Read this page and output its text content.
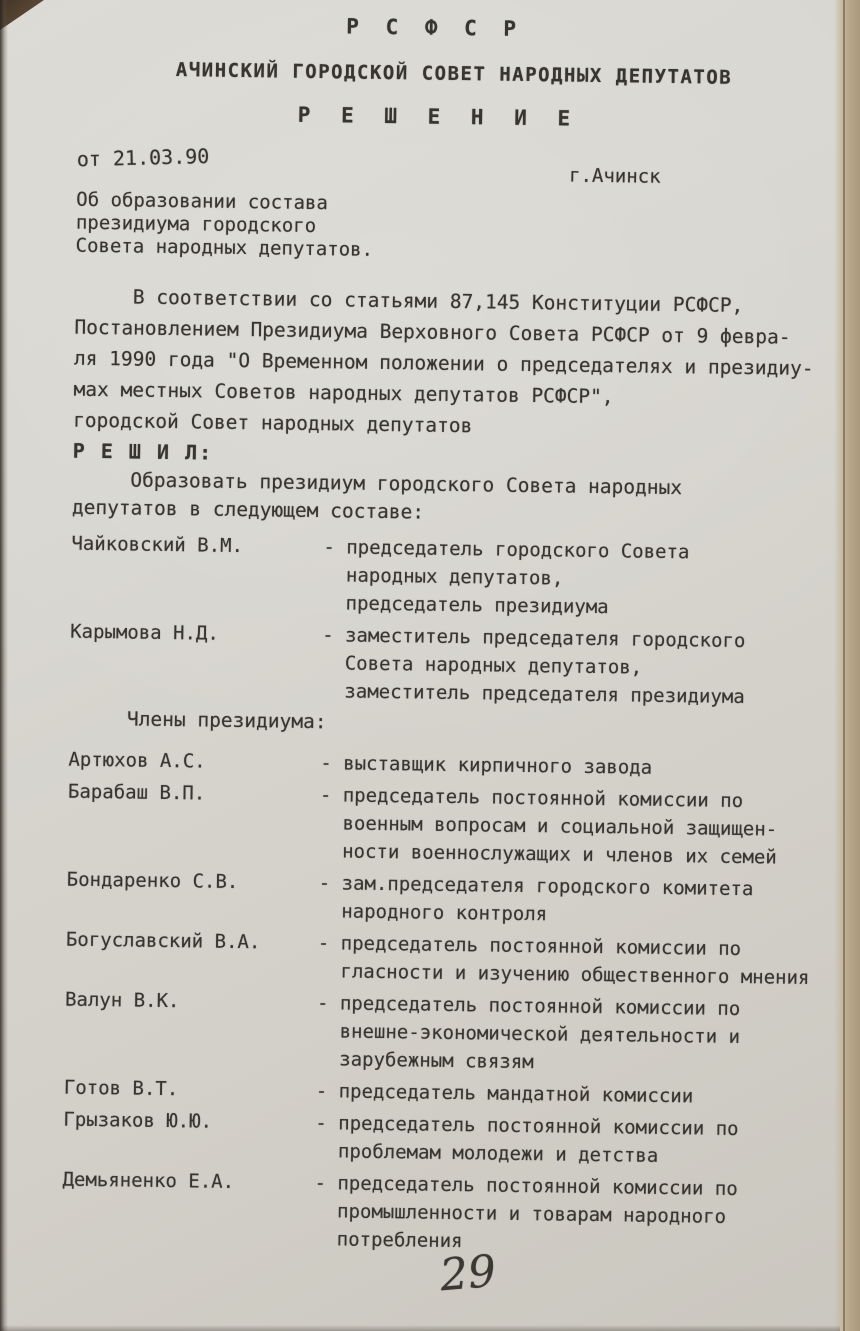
Р С Ф С Р
АЧИНСКИЙ ГОРОДСКОЙ СОВЕТ НАРОДНЫХ ДЕПУТАТОВ
Р Е Ш Е Н И Е
от 21.03.90
г.Ачинск
Об образовании состава
президиума городского
Совета народных депутатов.
В соответствии со статьями 87,145 Конституции РСФСР,
Постановлением Президиума Верховного Совета РСФСР от 9 февра-
ля 1990 года "О Временном положении о председателях и президиу-
мах местных Советов народных депутатов РСФСР",
городской Совет народных депутатов
Р Е Ш И Л:
Образовать президиум городского Совета народных
депутатов в следующем составе:
Чайковский В.М.	- председатель городского Совета
народных депутатов,
председатель президиума
Карымова Н.Д.	- заместитель председателя городского
Совета народных депутатов,
заместитель председателя президиума
Члены президиума:
Артюхов А.С.	- выставщик кирпичного завода
Барабаш В.П.	- председатель постоянной комиссии по
военным вопросам и социальной защищен-
ности военнослужащих и членов их семей
Бондаренко С.В.	- зам.председателя городского комитета
народного контроля
Богуславский В.А.	- председатель постоянной комиссии по
гласности и изучению общественного мнения
Валун В.К.	- председатель постоянной комиссии по
внешне-экономической деятельности и
зарубежным связям
Готов В.Т.	- председатель мандатной комиссии
Грызаков Ю.Ю.	- председатель постоянной комиссии по
проблемам молодежи и детства
Демьяненко Е.А.	- председатель постоянной комиссии по
промышленности и товарам народного
потребления
29
